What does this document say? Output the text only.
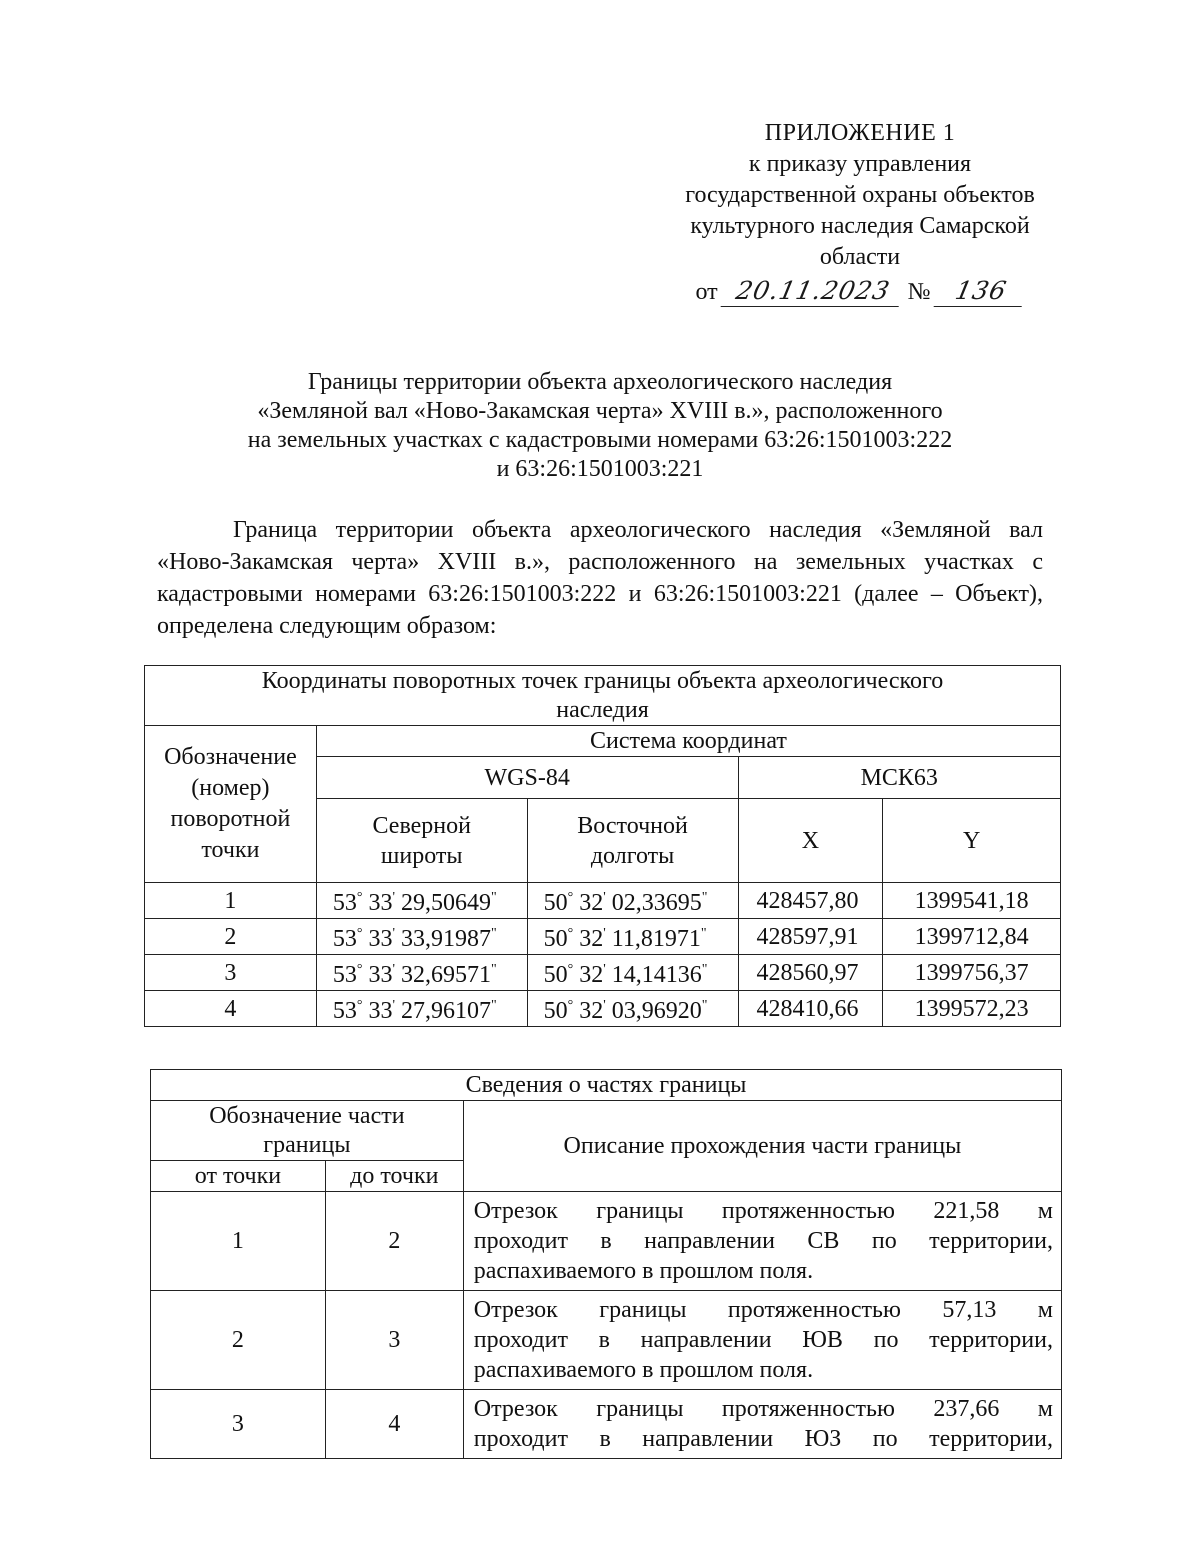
ПРИЛОЖЕНИЕ 1
к приказу управления
государственной охраны объектов
культурного наследия Самарской
области
от 20.11.2023 № 136
Границы территории объекта археологического наследия
«Земляной вал «Ново-Закамская черта» XVIII в.», расположенного
на земельных участках с кадастровыми номерами 63:26:1501003:222
и 63:26:1501003:221
Граница территории объекта археологического наследия «Земляной вал «Ново-Закамская черта» XVIII в.», расположенного на земельных участках с кадастровыми номерами 63:26:1501003:222 и 63:26:1501003:221 (далее – Объект), определена следующим образом:
Координаты поворотных точек границы объекта археологического наследия				
Обозначение (номер) поворотной точки	Система координат			
	WGS-84		МСК63	
	Северной широты	Восточной долготы	X	Y
1	53° 33' 29,50649"	50° 32' 02,33695"	428457,80	1399541,18
2	53° 33' 33,91987"	50° 32' 11,81971"	428597,91	1399712,84
3	53° 33' 32,69571"	50° 32' 14,14136"	428560,97	1399756,37
4	53° 33' 27,96107"	50° 32' 03,96920"	428410,66	1399572,23
Сведения о частях границы		
Обозначение части границы		Описание прохождения части границы
от точки	до точки	
1	2	Отрезок границы протяженностью 221,58 м
проходит в направлении СВ по территории,
распахиваемого в прошлом поля.

2	3	Отрезок границы протяженностью 57,13 м
проходит в направлении ЮВ по территории,
распахиваемого в прошлом поля.

3	4	Отрезок границы протяженностью 237,66 м
проходит в направлении ЮЗ по территории,
